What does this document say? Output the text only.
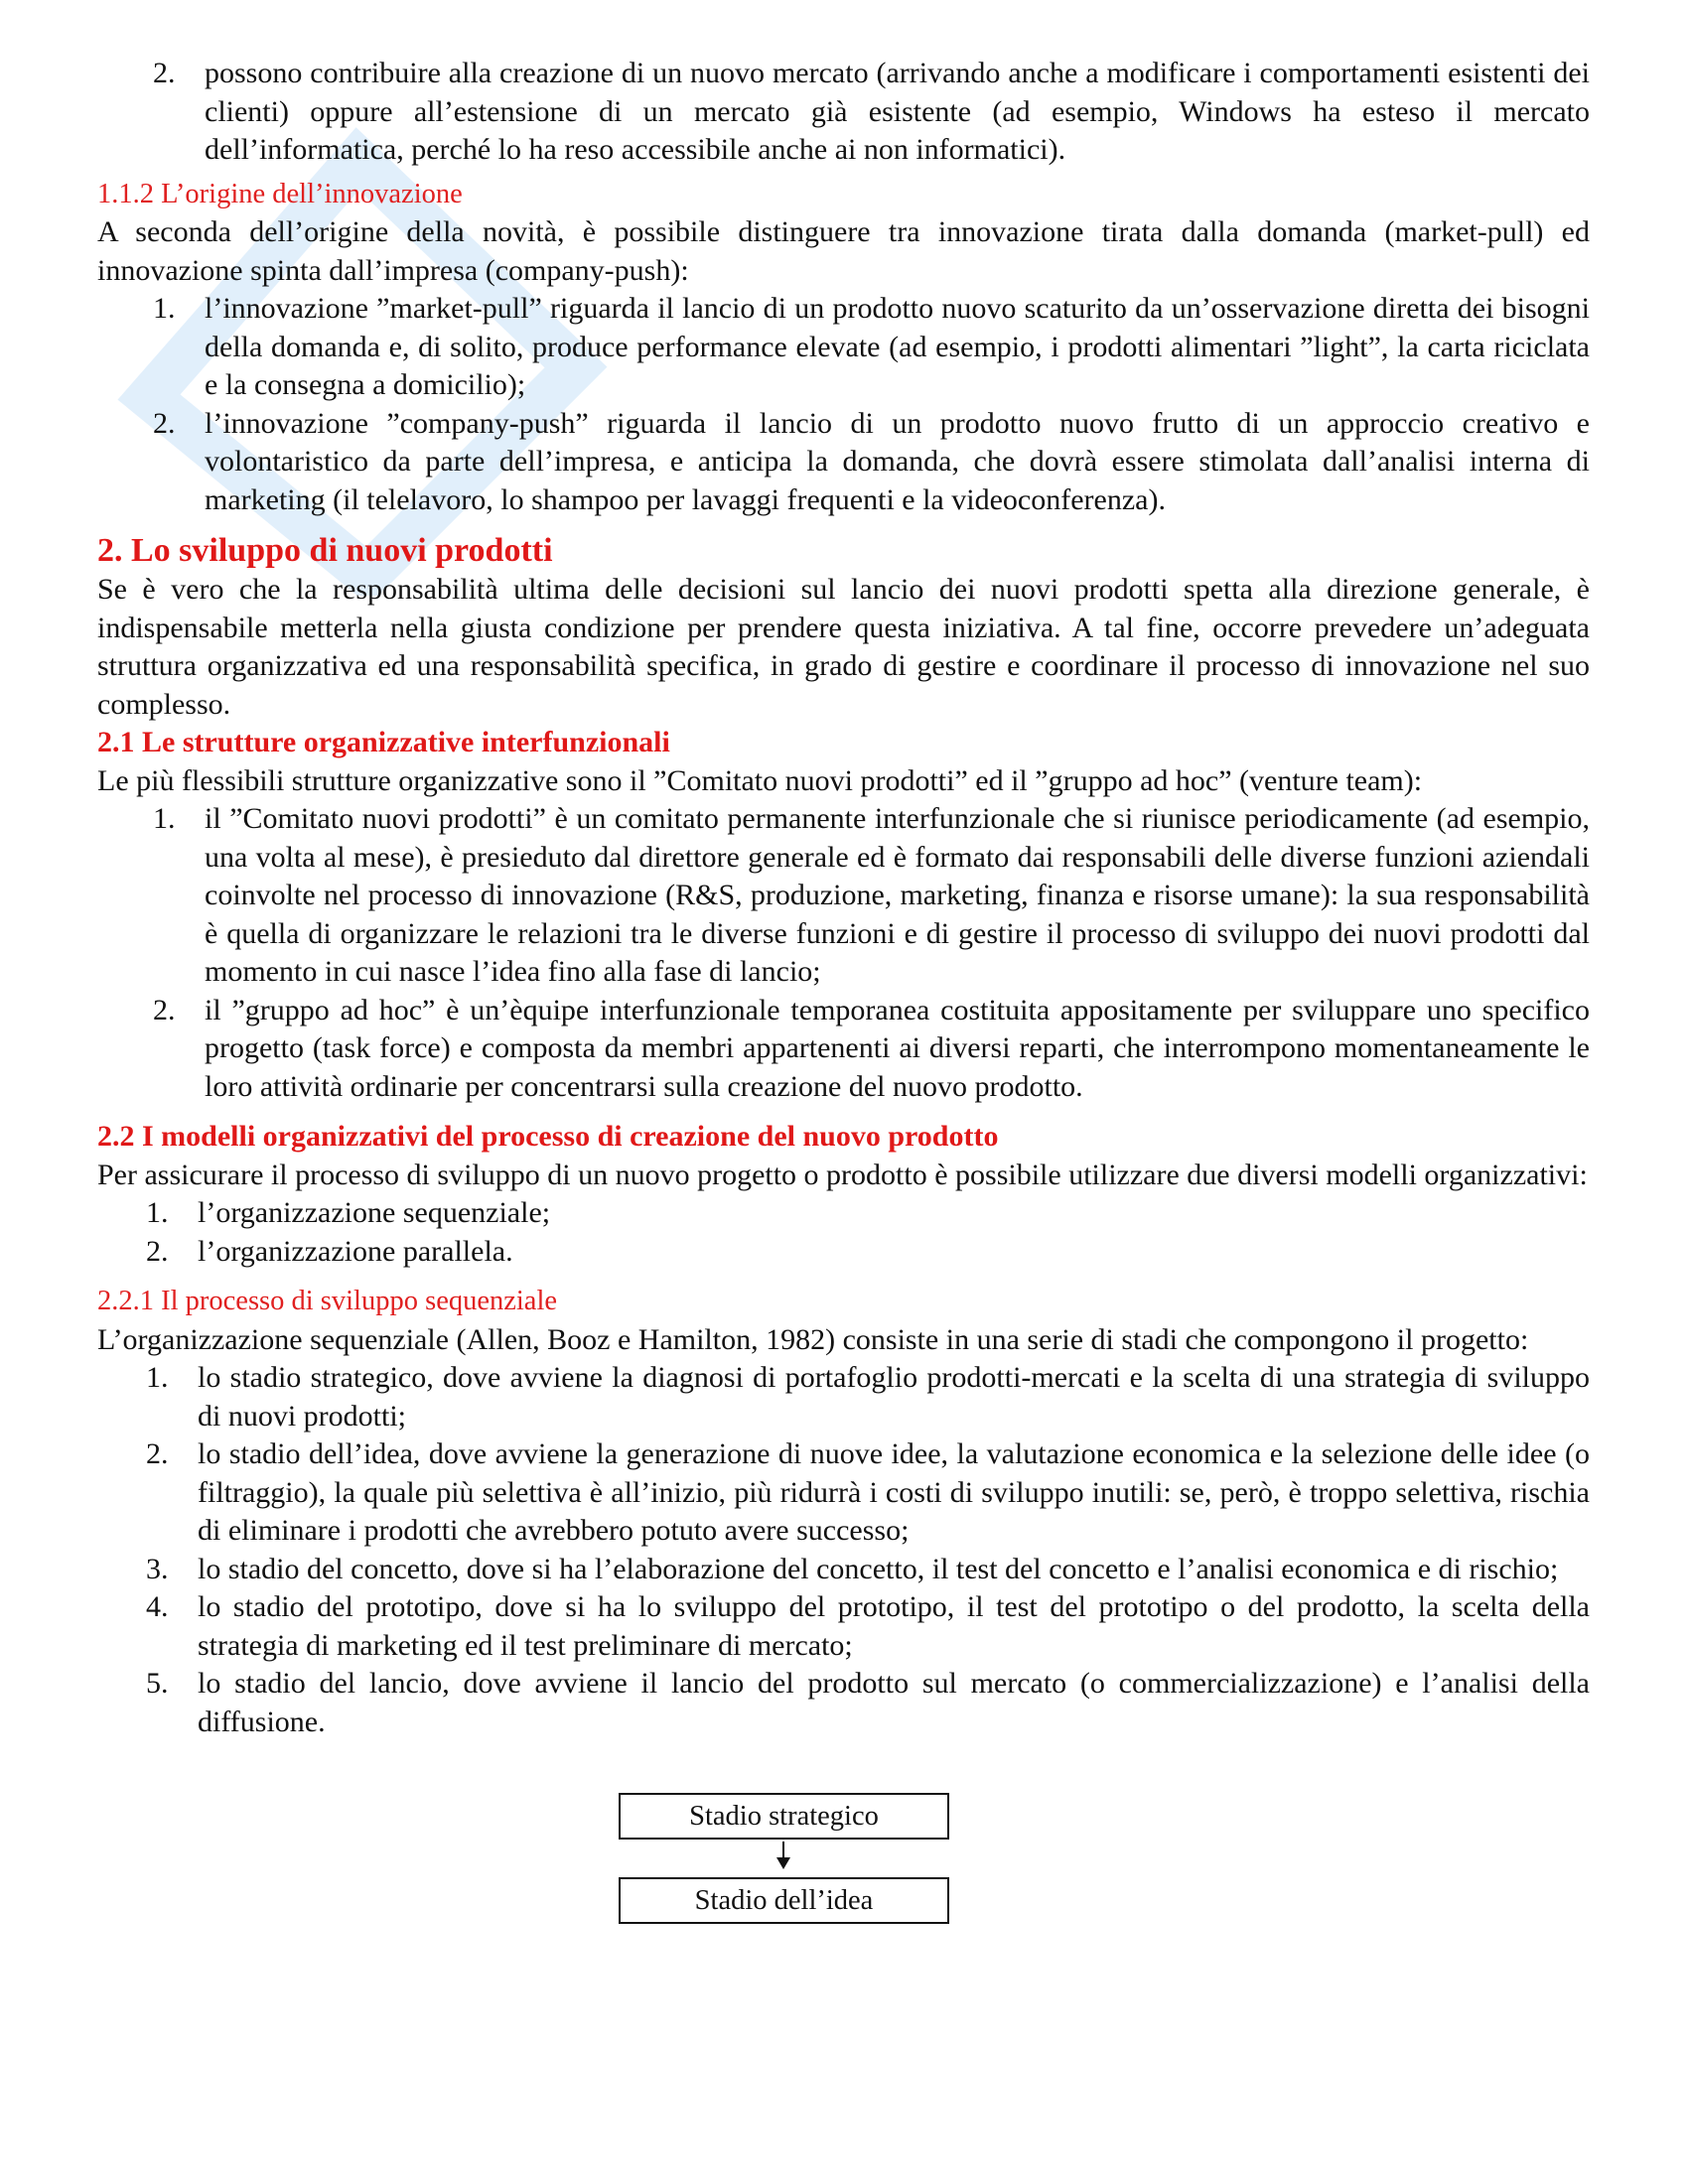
2. possono contribuire alla creazione di un nuovo mercato (arrivando anche a modificare i comportamenti esistenti dei clienti) oppure all’estensione di un mercato già esistente (ad esempio, Windows ha esteso il mercato dell’informatica, perché lo ha reso accessibile anche ai non informatici).
1.1.2 L’origine dell’innovazione

A seconda dell’origine della novità, è possibile distinguere tra innovazione tirata dalla domanda (market-pull) ed innovazione spinta dall’impresa (company-push):

1. l’innovazione ”market-pull” riguarda il lancio di un prodotto nuovo scaturito da un’osservazione diretta dei bisogni della domanda e, di solito, produce performance elevate (ad esempio, i prodotti alimentari ”light”, la carta riciclata e la consegna a domicilio);
2. l’innovazione ”company-push” riguarda il lancio di un prodotto nuovo frutto di un approccio creativo e volontaristico da parte dell’impresa, e anticipa la domanda, che dovrà essere stimolata dall’analisi interna di marketing (il telelavoro, lo shampoo per lavaggi frequenti e la videoconferenza).
2. Lo sviluppo di nuovi prodotti

Se è vero che la responsabilità ultima delle decisioni sul lancio dei nuovi prodotti spetta alla direzione generale, è indispensabile metterla nella giusta condizione per prendere questa iniziativa. A tal fine, occorre prevedere un’adeguata struttura organizzativa ed una responsabilità specifica, in grado di gestire e coordinare il processo di innovazione nel suo complesso.

2.1 Le strutture organizzative interfunzionali

Le più flessibili strutture organizzative sono il ”Comitato nuovi prodotti” ed il ”gruppo ad hoc” (venture team):

1. il ”Comitato nuovi prodotti” è un comitato permanente interfunzionale che si riunisce periodicamente (ad esempio, una volta al mese), è presieduto dal direttore generale ed è formato dai responsabili delle diverse funzioni aziendali coinvolte nel processo di innovazione (R&S, produzione, marketing, finanza e risorse umane): la sua responsabilità è quella di organizzare le relazioni tra le diverse funzioni e di gestire il processo di sviluppo dei nuovi prodotti dal momento in cui nasce l’idea fino alla fase di lancio;
2. il ”gruppo ad hoc” è un’èquipe interfunzionale temporanea costituita appositamente per sviluppare uno specifico progetto (task force) e composta da membri appartenenti ai diversi reparti, che interrompono momentaneamente le loro attività ordinarie per concentrarsi sulla creazione del nuovo prodotto.
2.2 I modelli organizzativi del processo di creazione del nuovo prodotto

Per assicurare il processo di sviluppo di un nuovo progetto o prodotto è possibile utilizzare due diversi modelli organizzativi:

1. l’organizzazione sequenziale;
2. l’organizzazione parallela.
2.2.1 Il processo di sviluppo sequenziale

L’organizzazione sequenziale (Allen, Booz e Hamilton, 1982) consiste in una serie di stadi che compongono il progetto:

1. lo stadio strategico, dove avviene la diagnosi di portafoglio prodotti-mercati e la scelta di una strategia di sviluppo di nuovi prodotti;
2. lo stadio dell’idea, dove avviene la generazione di nuove idee, la valutazione economica e la selezione delle idee (o filtraggio), la quale più selettiva è all’inizio, più ridurrà i costi di sviluppo inutili: se, però, è troppo selettiva, rischia di eliminare i prodotti che avrebbero potuto avere successo;
3. lo stadio del concetto, dove si ha l’elaborazione del concetto, il test del concetto e l’analisi economica e di rischio;
4. lo stadio del prototipo, dove si ha lo sviluppo del prototipo, il test del prototipo o del prodotto, la scelta della strategia di marketing ed il test preliminare di mercato;
5. lo stadio del lancio, dove avviene il lancio del prodotto sul mercato (o commercializzazione) e l’analisi della diffusione.
Stadio strategico
Stadio dell’idea
